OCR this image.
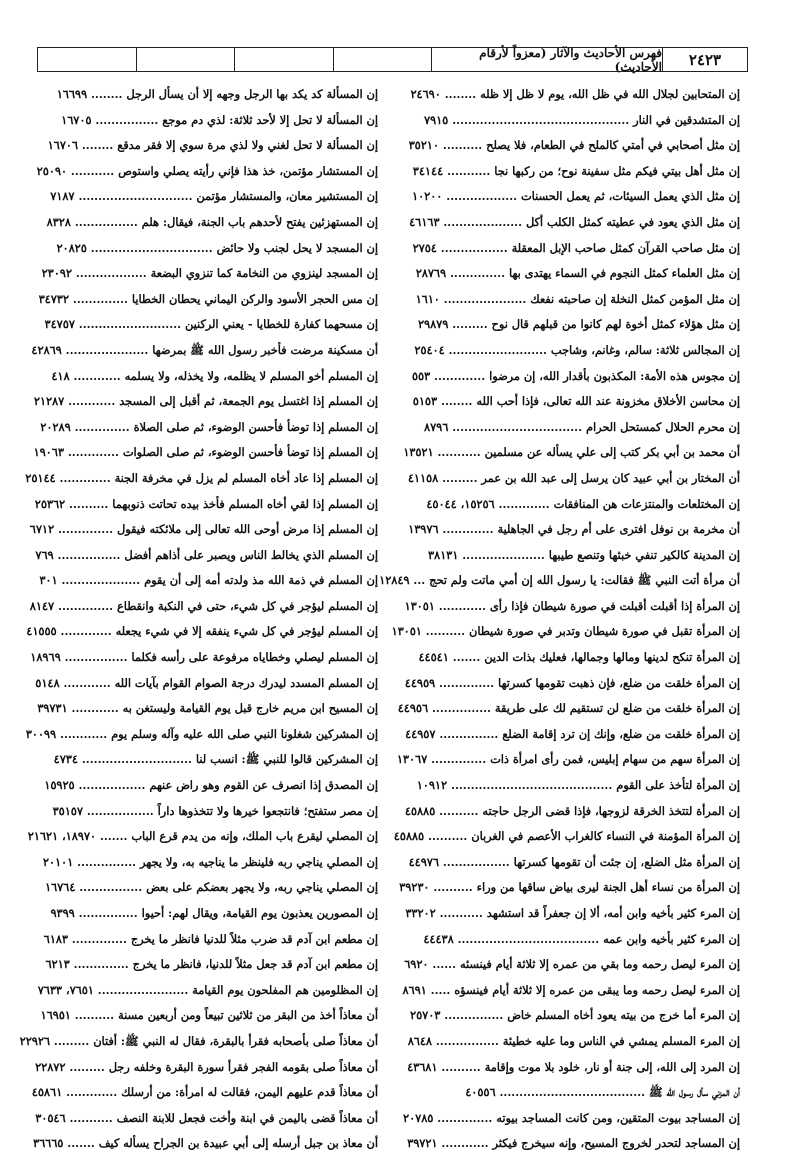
٢٤٢٣
فهرس الأحاديث والآثار (معزواً لأرقام الأحاديث)
إن المتحابين لجلال الله في ظل الله، يوم لا ظل إلا ظله ........ ٢٤٦٩٠
إن المتشدقين في النار ............................................. ٧٩١٥
إن مثل أصحابي في أمتي كالملح في الطعام، فلا يصلح .......... ٣٥٢١٠
إن مثل أهل بيتي فيكم مثل سفينة نوح؛ من ركبها نجا ........... ٣٤١٤٤
إن مثل الذي يعمل السيئات، ثم يعمل الحسنات .................. ١٠٢٠٠
إن مثل الذي يعود في عطيته كمثل الكلب أكل .................... ٤٦١٦٣
إن مثل صاحب القرآن كمثل صاحب الإبل المعقلة ................. ٢٧٥٤
إن مثل العلماء كمثل النجوم في السماء يهتدى بها .............. ٢٨٧٦٩
إن مثل المؤمن كمثل النخلة إن صاحبته نفعك ..................... ١٦١٠
إن مثل هؤلاء كمثل أخوة لهم كانوا من قبلهم قال نوح ......... ٢٩٨٧٩
إن المجالس ثلاثة: سالم، وغانم، وشاجب ......................... ٢٥٤٠٤
إن مجوس هذه الأمة: المكذبون بأقدار الله، إن مرضوا ............. ٥٥٣
إن محاسن الأخلاق مخزونة عند الله تعالى، فإذا أحب الله ........ ٥١٥٣
إن محرم الحلال كمستحل الحرام ................................. ٨٧٩٦
أن محمد بن أبي بكر كتب إلى علي يسأله عن مسلمين ........... ١٣٥٢١
أن المختار بن أبي عبيد كان يرسل إلى عبد الله بن عمر ......... ٤١١٥٨
إن المختلعات والمنتزعات هن المنافقات ............. ١٥٢٥٦، ٤٥٠٤٤
أن مخرمة بن نوفل افترى على أم رجل في الجاهلية ............. ١٣٩٧٦
إن المدينة كالكير تنفي خبثها وتنصع طيبها ..................... ٣٨١٣١
أن مرأة أتت النبي ﷺ فقالت: يا رسول الله إن أمي ماتت ولم تحج ... ١٢٨٤٩
إن المرأة إذا أقبلت أقبلت في صورة شيطان فإذا رأى ............ ١٣٠٥١
إن المرأة تقبل في صورة شيطان وتدبر في صورة شيطان .......... ١٣٠٥١
إن المرأة تنكح لدينها ومالها وجمالها، فعليك بذات الدين ....... ٤٤٥٤١
إن المرأة خلقت من ضلع، فإن ذهبت تقومها كسرتها .............. ٤٤٩٥٩
إن المرأة خلقت من ضلع لن تستقيم لك على طريقة ............... ٤٤٩٥٦
إن المرأة خلقت من ضلع، وإنك إن ترد إقامة الضلع ............... ٤٤٩٥٧
إن المرأة سهم من سهام إبليس، فمن رأى امرأة ذات .............. ١٣٠٦٧
إن المرأة لتأخذ على القوم ......................................... ١٠٩١٢
إن المرأة لتتخذ الخرقة لزوجها، فإذا قضى الرجل حاجته .......... ٤٥٨٨٥
إن المرأة المؤمنة في النساء كالغراب الأعصم في الغربان .......... ٤٥٨٨٥
إن المرأة مثل الضلع، إن جئت أن تقومها كسرتها ................. ٤٤٩٧٦
إن المرأة من نساء أهل الجنة ليرى بياض ساقها من وراء .......... ٣٩٢٣٠
إن المرء كثير بأخيه وابن أمه، ألا إن جعفراً قد استشهد ........... ٣٣٢٠٢
إن المرء كثير بأخيه وابن عمه .................................... ٤٤٤٣٨
إن المرء ليصل رحمه وما بقي من عمره إلا ثلاثة أيام فينسئه ...... ٦٩٢٠
إن المرء ليصل رحمه وما يبقى من عمره إلا ثلاثة أيام فينسؤه ..... ٨٦٩١
إن المرء أما خرج من بيته يعود أخاه المسلم خاض ............... ٢٥٧٠٣
إن المرء المسلم يمشي في الناس وما عليه خطيئة ................ ٨٦٤٨
إن المرد إلى الله، إلى جنة أو نار، خلود بلا موت وإقامة .......... ٤٣٦٨١
أن المزني سأل رسول الله ﷺ ..................................... ٤٠٥٥٦
إن المساجد بيوت المتقين، ومن كانت المساجد بيوته .............. ٢٠٧٨٥
إن المساجد لتحدر لخروج المسيح، وإنه سيخرج فيكثر ............ ٣٩٧٢١
إن المسألة كد يكد بها الرجل وجهه إلا أن يسأل الرجل ........ ١٦٦٩٩
إن المسألة لا تحل إلا لأحد ثلاثة: لذي دم موجع ................ ١٦٧٠٥
إن المسألة لا تحل لغني ولا لذي مرة سوي إلا فقر مدقع ........ ١٦٧٠٦
إن المستشار مؤتمن، خذ هذا فإني رأيته يصلي واستوص ........... ٢٥٠٩٠
إن المستشير معان، والمستشار مؤتمن ............................. ٧١٨٧
إن المستهزئين يفتح لأحدهم باب الجنة، فيقال: هلم ................ ٨٣٢٨
إن المسجد لا يحل لجنب ولا حائض ............................... ٢٠٨٢٥
إن المسجد لينزوي من النخامة كما تنزوي البضعة .................. ٢٣٠٩٢
إن مس الحجر الأسود والركن اليماني يحطان الخطايا .............. ٣٤٧٣٢
إن مسحهما كفارة للخطايا - يعني الركنين .......................... ٣٤٧٥٧
أن مسكينة مرضت فأخبر رسول الله ﷺ بمرضها ..................... ٤٢٨٦٩
إن المسلم أخو المسلم لا يظلمه، ولا يخذله، ولا يسلمه ............ ٤١٨
إن المسلم إذا اغتسل يوم الجمعة، ثم أقبل إلى المسجد ............ ٢١٢٨٧
إن المسلم إذا توضأ فأحسن الوضوء، ثم صلى الصلاة .............. ٢٠٢٨٩
إن المسلم إذا توضأ فأحسن الوضوء، ثم صلى الصلوات ............. ١٩٠٦٣
إن المسلم إذا عاد أخاه المسلم لم يزل في مخرفة الجنة ............. ٢٥١٤٤
إن المسلم إذا لقي أخاه المسلم فأخذ بيده تحاتت ذنوبهما .......... ٢٥٣٦٢
إن المسلم إذا مرض أوحى الله تعالى إلى ملائكته فيقول .............. ٦٧١٢
إن المسلم الذي يخالط الناس ويصبر على أذاهم أفضل ................ ٧٦٩
إن المسلم في ذمة الله مذ ولدته أمه إلى أن يقوم .................... ٣٠١
إن المسلم ليؤجر في كل شيء، حتى في النكبة وانقطاع .............. ٨١٤٧
إن المسلم ليؤجر في كل شيء ينفقه إلا في شيء يجعله ............. ٤١٥٥٥
إن المسلم ليصلي وخطاياه مرفوعة على رأسه فكلما ................ ١٨٩٦٩
إن المسلم المسدد ليدرك درجة الصوام القوام بآيات الله ............ ٥١٤٨
إن المسيح ابن مريم خارج قبل يوم القيامة وليستغن به ............ ٣٩٧٣١
إن المشركين شغلونا النبي صلى الله عليه وآله وسلم يوم ............ ٣٠٠٩٩
إن المشركين قالوا للنبي ﷺ: انسب لنا ............................ ٤٧٣٤
إن المصدق إذا انصرف عن القوم وهو راض عنهم ................. ١٥٩٢٥
إن مصر ستفتح؛ فانتجعوا خيرها ولا تتخذوها داراً ................. ٣٥١٥٧
إن المصلي ليقرع باب الملك، وإنه من يدم قرع الباب ....... ١٨٩٧٠، ٢١٦٢١
إن المصلي يناجي ربه فلينظر ما يناجيه به، ولا يجهر ............... ٢٠١٠١
إن المصلي يناجي ربه، ولا يجهر بعضكم على بعض ................ ١٦٧٦٤
إن المصورين يعذبون يوم القيامة، ويقال لهم: أحيوا ............... ٩٣٩٩
إن مطعم ابن آدم قد ضرب مثلاً للدنيا فانظر ما يخرج .............. ٦١٨٣
إن مطعم ابن آدم قد جعل مثلاً للدنيا، فانظر ما يخرج .............. ٦٢١٣
إن المظلومين هم المفلحون يوم القيامة ....................... ٧٦٥١، ٧٦٣٣
أن معاذاً أخذ من البقر من ثلاثين تبيعاً ومن أربعين مسنة .......... ١٦٩٥١
أن معاذاً صلى بأصحابه فقرأ بالبقرة، فقال له النبي ﷺ: أفتان ......... ٢٢٩٢٦
أن معاذاً صلى بقومه الفجر فقرأ سورة البقرة وخلفه رجل ......... ٢٢٨٧٢
أن معاذاً قدم عليهم اليمن، فقالت له امرأة: من أرسلك ............. ٤٥٨٦١
أن معاذاً قضى باليمن في ابنة وأخت فجعل للابنة النصف ........... ٣٠٥٤٦
أن معاذ بن جبل أرسله إلى أبي عبيدة بن الجراح يسأله كيف ....... ٣٦٦٦٥
